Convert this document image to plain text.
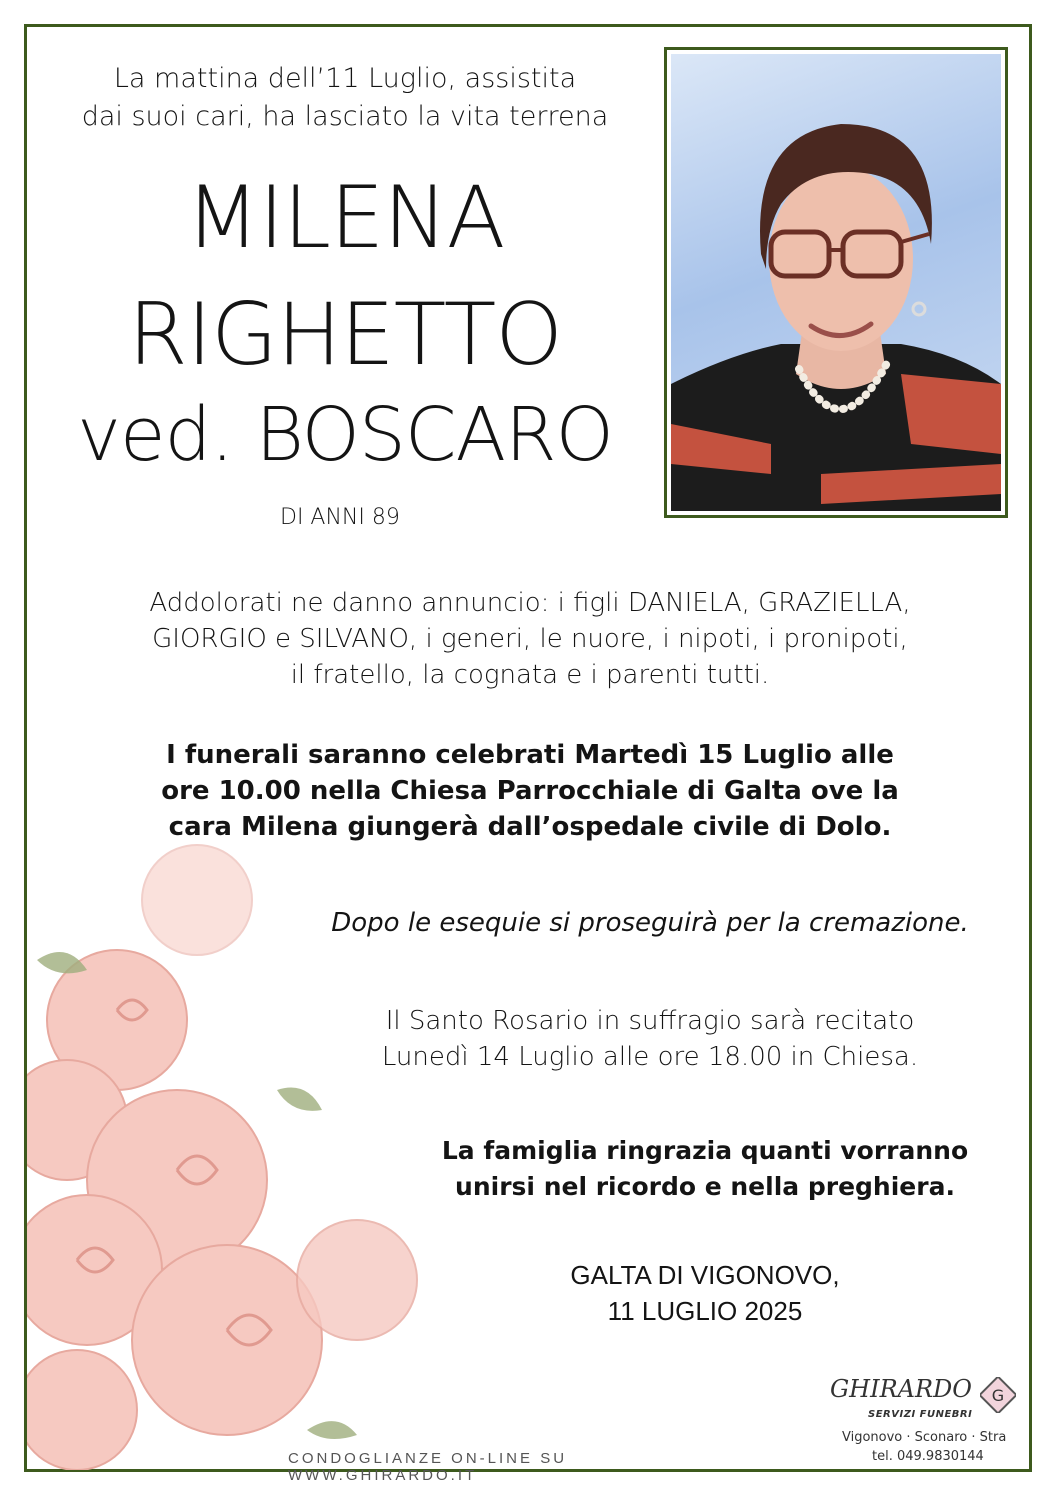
La mattina dell’11 Luglio, assistita
dai suoi cari, ha lasciato la vita terrena
MILENA
RIGHETTO
ved. BOSCARO
DI ANNI 89
Addolorati ne danno annuncio: i figli DANIELA, GRAZIELLA,
GIORGIO e SILVANO, i generi, le nuore, i nipoti, i pronipoti,
il fratello, la cognata e i parenti tutti.
I funerali saranno celebrati Martedì 15 Luglio alle
ore 10.00 nella Chiesa Parrocchiale di Galta ove la
cara Milena giungerà dall’ospedale civile di Dolo.
Dopo le esequie si proseguirà per la cremazione.
Il Santo Rosario in suffragio sarà recitato
Lunedì 14 Luglio alle ore 18.00 in Chiesa.
La famiglia ringrazia quanti vorranno
unirsi nel ricordo e nella preghiera.
GALTA DI VIGONOVO,
11 LUGLIO 2025
CONDOGLIANZE ON-LINE SU WWW.GHIRARDO.IT
GHIRARDO
SERVIZI FUNEBRI
G
Vigonovo · Sconaro · Stra
tel. 049.9830144
